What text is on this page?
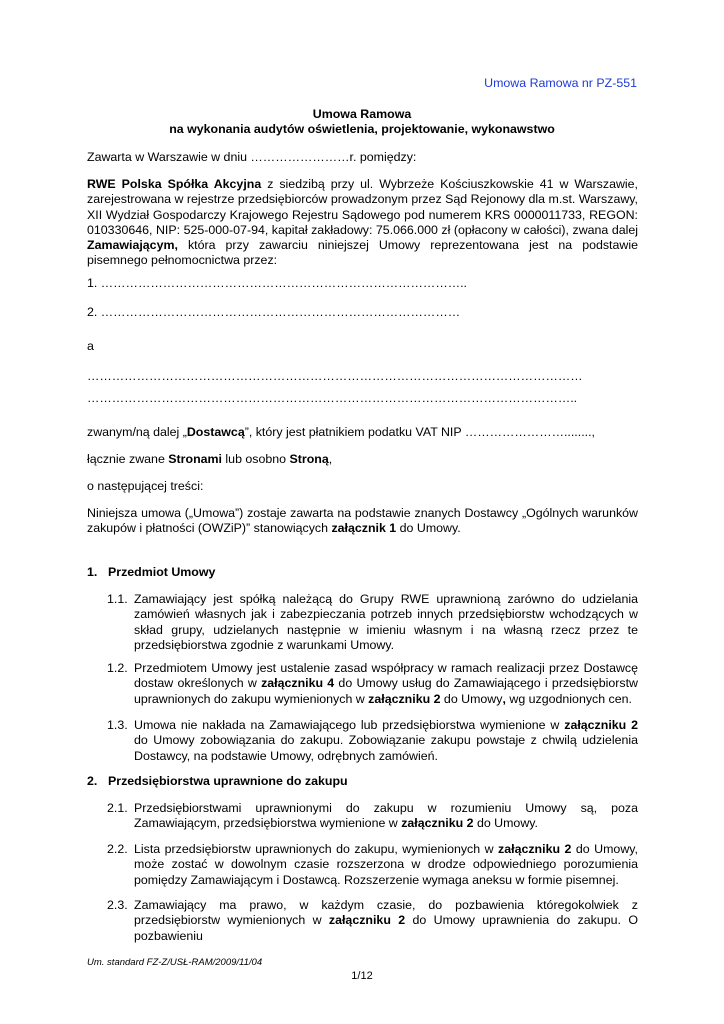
Umowa Ramowa nr PZ-551
Umowa Ramowa
na wykonania audytów oświetlenia, projektowanie, wykonawstwo
Zawarta w Warszawie w dniu ……………………r. pomiędzy:
RWE Polska Spółka Akcyjna z siedzibą przy ul. Wybrzeże Kościuszkowskie 41 w Warszawie, zarejestrowana w rejestrze przedsiębiorców prowadzonym przez Sąd Rejonowy dla m.st. Warszawy, XII Wydział Gospodarczy Krajowego Rejestru Sądowego pod numerem KRS 0000011733, REGON: 010330646, NIP: 525-000-07-94, kapitał zakładowy: 75.066.000 zł (opłacony w całości), zwana dalej Zamawiającym, która przy zawarciu niniejszej Umowy reprezentowana jest na podstawie pisemnego pełnomocnictwa przez:
1. ……………………………………………………………………………..
2. ……………………………………………………………………………
a
…………………………………………………………………………………………………………
………………………………………………………………………………………………………..
zwanym/ną dalej „Dostawcą”, który jest płatnikiem podatku VAT NIP ……………………........,
łącznie zwane Stronami lub osobno Stroną,
o następującej treści:
Niniejsza umowa („Umowa”) zostaje zawarta na podstawie znanych Dostawcy „Ogólnych warunków zakupów i płatności (OWZiP)” stanowiących załącznik 1 do Umowy.
1. Przedmiot Umowy
1.1. Zamawiający jest spółką należącą do Grupy RWE uprawnioną zarówno do udzielania zamówień własnych jak i zabezpieczania potrzeb innych przedsiębiorstw wchodzących w skład grupy, udzielanych następnie w imieniu własnym i na własną rzecz przez te przedsiębiorstwa zgodnie z warunkami Umowy.
1.2. Przedmiotem Umowy jest ustalenie zasad współpracy w ramach realizacji przez Dostawcę dostaw określonych w załączniku 4 do Umowy usług do Zamawiającego i przedsiębiorstw uprawnionych do zakupu wymienionych w załączniku 2 do Umowy, wg uzgodnionych cen.
1.3. Umowa nie nakłada na Zamawiającego lub przedsiębiorstwa wymienione w załączniku 2 do Umowy zobowiązania do zakupu. Zobowiązanie zakupu powstaje z chwilą udzielenia Dostawcy, na podstawie Umowy, odrębnych zamówień.
2. Przedsiębiorstwa uprawnione do zakupu
2.1. Przedsiębiorstwami uprawnionymi do zakupu w rozumieniu Umowy są, poza Zamawiającym, przedsiębiorstwa wymienione w załączniku 2 do Umowy.
2.2. Lista przedsiębiorstw uprawnionych do zakupu, wymienionych w załączniku 2 do Umowy, może zostać w dowolnym czasie rozszerzona w drodze odpowiedniego porozumienia pomiędzy Zamawiającym i Dostawcą. Rozszerzenie wymaga aneksu w formie pisemnej.
2.3. Zamawiający ma prawo, w każdym czasie, do pozbawienia któregokolwiek z przedsiębiorstw wymienionych w załączniku 2 do Umowy uprawnienia do zakupu. O pozbawieniu
Um. standard FZ-Z/USŁ-RAM/2009/11/04
1/12
